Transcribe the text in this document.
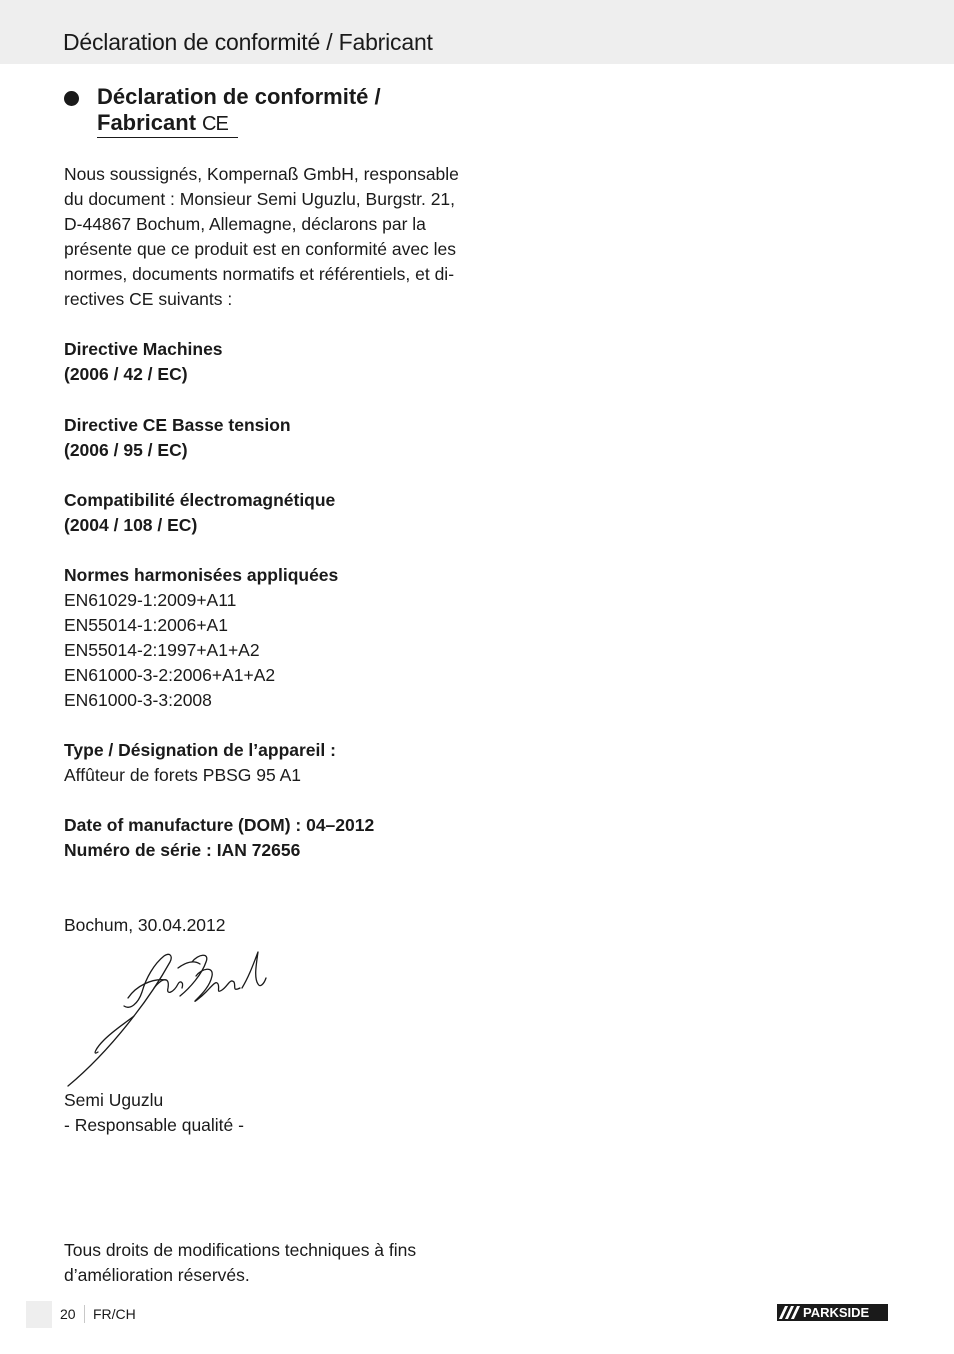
Déclaration de conformité / Fabricant
Déclaration de conformité /
Fabricant CE
Nous soussignés, Kompernaß GmbH, responsable
du document : Monsieur Semi Uguzlu, Burgstr. 21,
D-44867 Bochum, Allemagne, déclarons par la
présente que ce produit est en conformité avec les
normes, documents normatifs et référentiels, et di-
rectives CE suivants :
Directive Machines
(2006 / 42 / EC)
Directive CE Basse tension
(2006 / 95 / EC)
Compatibilité électromagnétique
(2004 / 108 / EC)
Normes harmonisées appliquées
EN61029-1:2009+A11
EN55014-1:2006+A1
EN55014-2:1997+A1+A2
EN61000-3-2:2006+A1+A2
EN61000-3-3:2008
Type / Désignation de l’appareil :
Affûteur de forets PBSG 95 A1
Date of manufacture (DOM) : 04–2012
Numéro de série : IAN 72656
Bochum, 30.04.2012
Semi Uguzlu
- Responsable qualité -
Tous droits de modifications techniques à fins
d’amélioration réservés.
20 FR/CH	PARKSIDE
